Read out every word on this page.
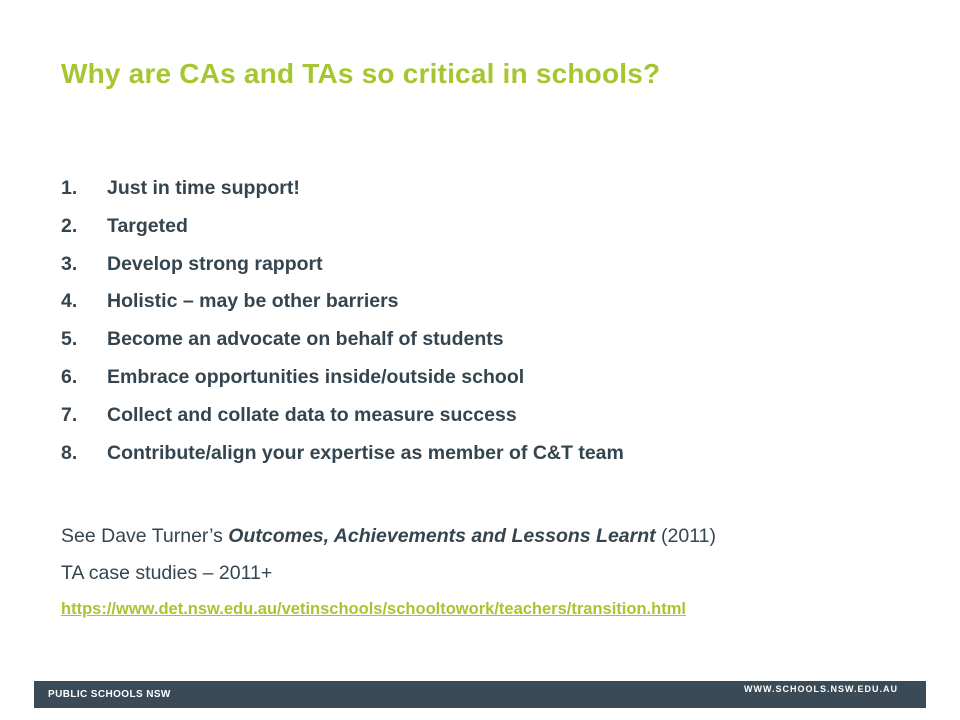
Why are CAs and TAs so critical in schools?
1.	Just in time support!
2.	Targeted
3.	Develop strong rapport
4.	Holistic – may be other barriers
5.	Become an advocate on behalf of students
6.	Embrace opportunities inside/outside school
7.	Collect and collate data to measure success
8.	Contribute/align your expertise as member of C&T team

See Dave Turner’s Outcomes, Achievements and Lessons Learnt (2011)

TA case studies – 2011+

https://www.det.nsw.edu.au/vetinschools/schooltowork/teachers/transition.html
PUBLIC SCHOOLS NSW	WWW.SCHOOLS.NSW.EDU.AU
